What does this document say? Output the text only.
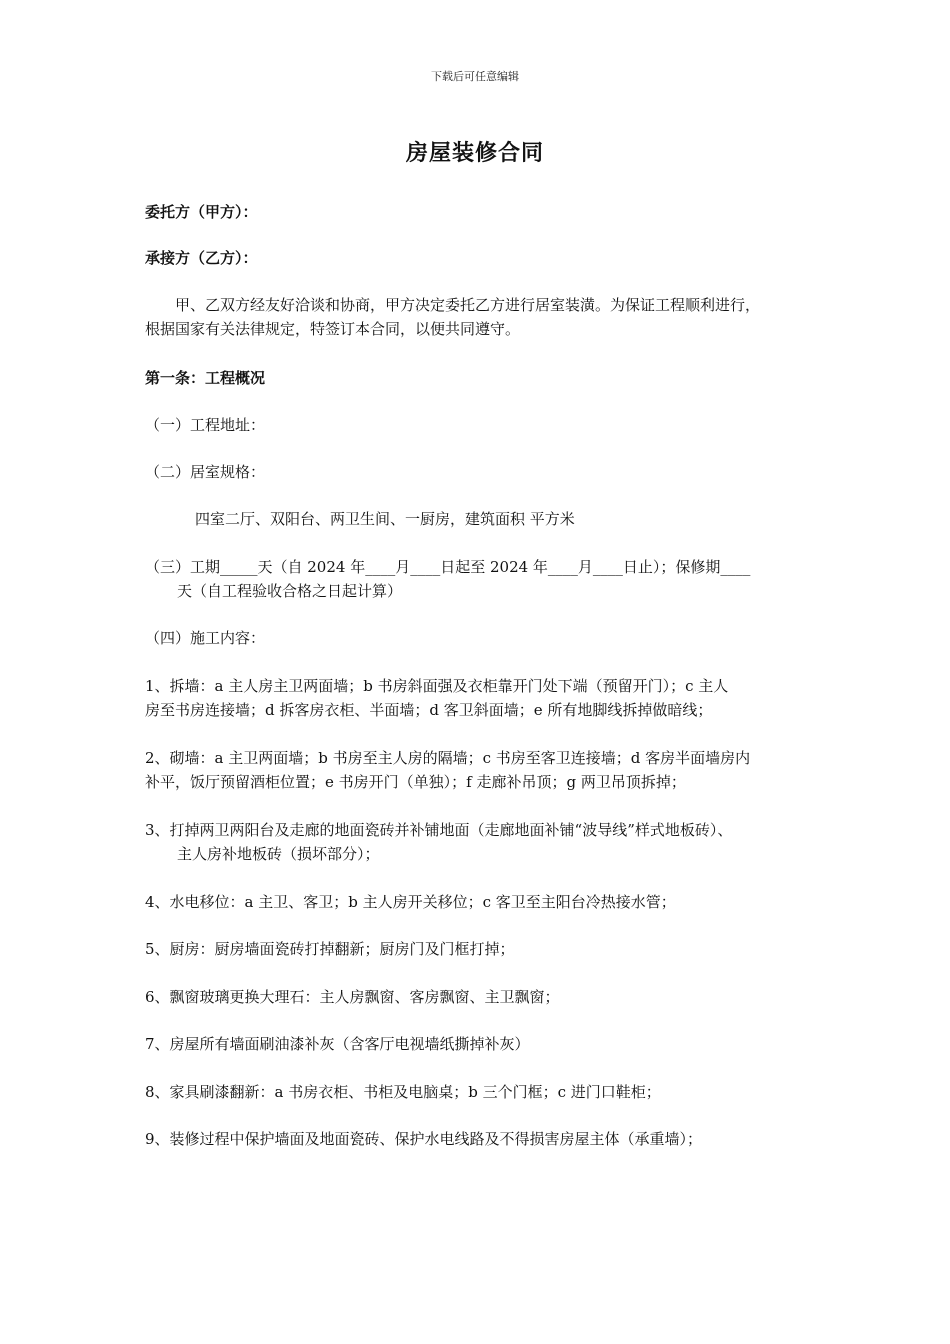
下载后可任意编辑
房屋装修合同
委托方（甲方）：
承接方（乙方）：
甲、乙双方经友好洽谈和协商，甲方决定委托乙方进行居室装潢。为保证工程顺利进行，
根据国家有关法律规定，特签订本合同，以便共同遵守。
第一条：工程概况
（一）工程地址：
（二）居室规格：
四室二厅、双阳台、两卫生间、一厨房，建筑面积 平方米
（三）工期_____天（自 2024 年____月____日起至 2024 年____月____日止）；保修期____
天（自工程验收合格之日起计算）
（四）施工内容：
1、拆墙：a 主人房主卫两面墙；b 书房斜面强及衣柜靠开门处下端（预留开门）；c 主人
房至书房连接墙；d 拆客房衣柜、半面墙；d 客卫斜面墙；e 所有地脚线拆掉做暗线；
2、砌墙：a 主卫两面墙；b 书房至主人房的隔墙；c 书房至客卫连接墙；d 客房半面墙房内
补平，饭厅预留酒柜位置；e 书房开门（单独）；f 走廊补吊顶；g 两卫吊顶拆掉；
3、打掉两卫两阳台及走廊的地面瓷砖并补铺地面（走廊地面补铺“波导线”样式地板砖）、
主人房补地板砖（损坏部分）；
4、水电移位：a 主卫、客卫；b 主人房开关移位；c 客卫至主阳台冷热接水管；
5、厨房：厨房墙面瓷砖打掉翻新；厨房门及门框打掉；
6、飘窗玻璃更换大理石：主人房飘窗、客房飘窗、主卫飘窗；
7、房屋所有墙面刷油漆补灰（含客厅电视墙纸撕掉补灰）
8、家具刷漆翻新：a 书房衣柜、书柜及电脑桌；b 三个门框；c 进门口鞋柜；
9、装修过程中保护墙面及地面瓷砖、保护水电线路及不得损害房屋主体（承重墙）；
